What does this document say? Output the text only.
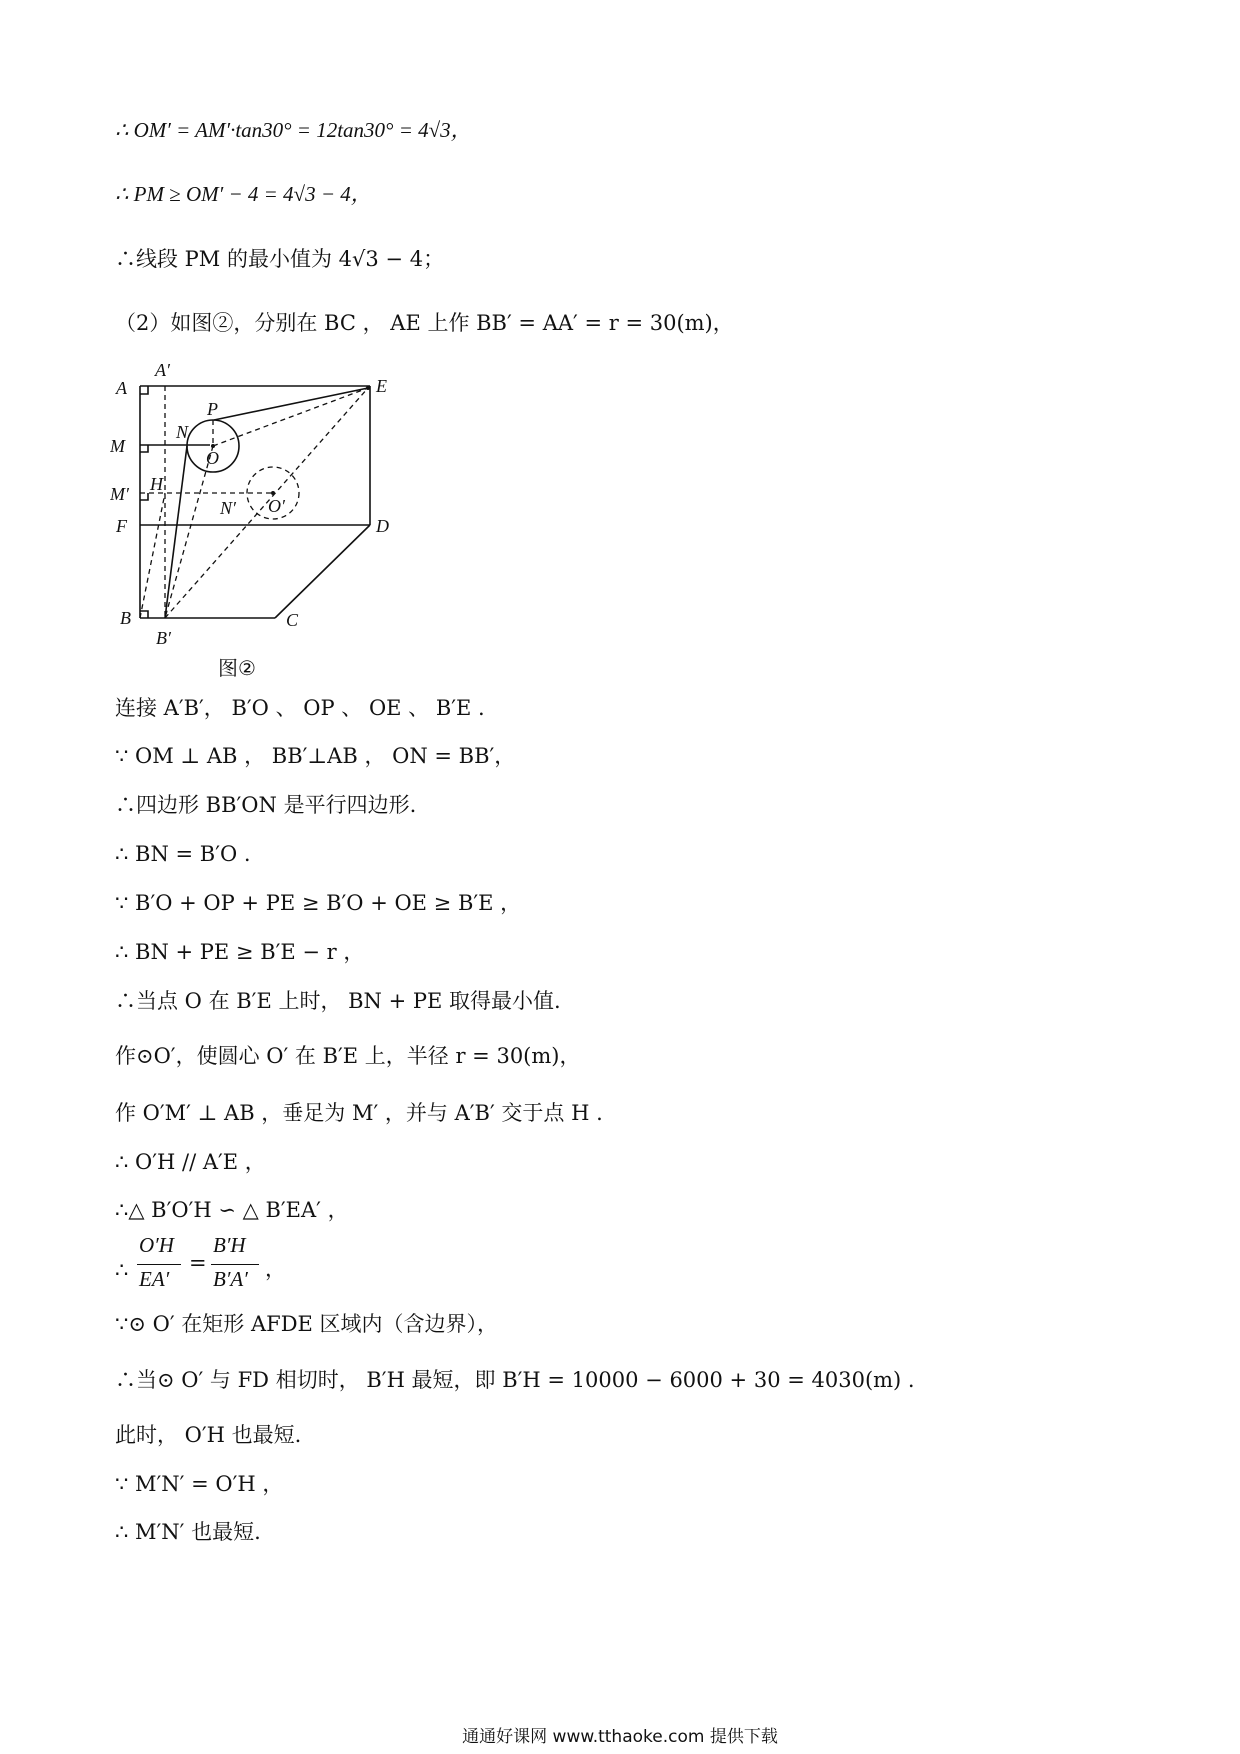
∴ OM′ = AM′·tan30° = 12tan30° = 4√3，
∴ PM ≥ OM′ − 4 = 4√3 − 4，
∴线段 PM 的最小值为 4√3 − 4；
（2）如图②，分别在 BC ， AE 上作 BB′ = AA′ = r = 30(m)，
A
A′
E
P
N
M
O
M′ H
O′
N′
F	D
B
B′
C
图②
连接 A′B′， B′O 、 OP 、 OE 、 B′E .
∵ OM ⊥ AB ， BB′⊥AB ， ON = BB′，
∴四边形 BB′ON 是平行四边形.
∴ BN = B′O .
∵ B′O + OP + PE ≥ B′O + OE ≥ B′E ，
∴ BN + PE ≥ B′E − r ，
∴当点 O 在 B′E 上时， BN + PE 取得最小值.
作⊙O′，使圆心 O′ 在 B′E 上，半径 r = 30(m)，
作 O′M′ ⊥ AB ，垂足为 M′ ，并与 A′B′ 交于点 H .
∴ O′H // A′E ，
∴△ B′O′H ∽ △ B′EA′ ，
∴
O′H
EA′
=
B′H
B′A′ ，
∵⊙ O′ 在矩形 AFDE 区域内（含边界），
∴当⊙ O′ 与 FD 相切时， B′H 最短，即 B′H = 10000 − 6000 + 30 = 4030(m) .
此时， O′H 也最短.
∵ M′N′ = O′H ，
∴ M′N′ 也最短.
通通好课网 www.tthaoke.com 提供下载
